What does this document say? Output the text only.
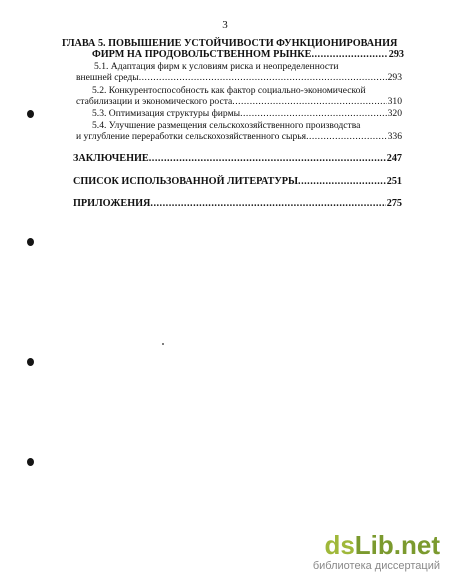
3
ГЛАВА 5. ПОВЫШЕНИЕ УСТОЙЧИВОСТИ ФУНКЦИОНИРОВАНИЯ
ФИРМ НА ПРОДОВОЛЬСТВЕННОМ РЫНКЕ .....	293
5.1. Адаптация фирм к условиям риска и неопределенности
внешней среды .....	293
5.2. Конкурентоспособность как фактор социально-экономической
стабилизации и экономического роста .....	310
5.3. Оптимизация структуры фирмы .....	320
5.4. Улучшение размещения сельскохозяйственного производства
и углубление переработки сельскохозяйственного сырья .....	336
ЗАКЛЮЧЕНИЕ .....	247
СПИСОК ИСПОЛЬЗОВАННОЙ ЛИТЕРАТУРЫ .....	251
ПРИЛОЖЕНИЯ .....	275
dsLib.net
библиотека диссертаций
